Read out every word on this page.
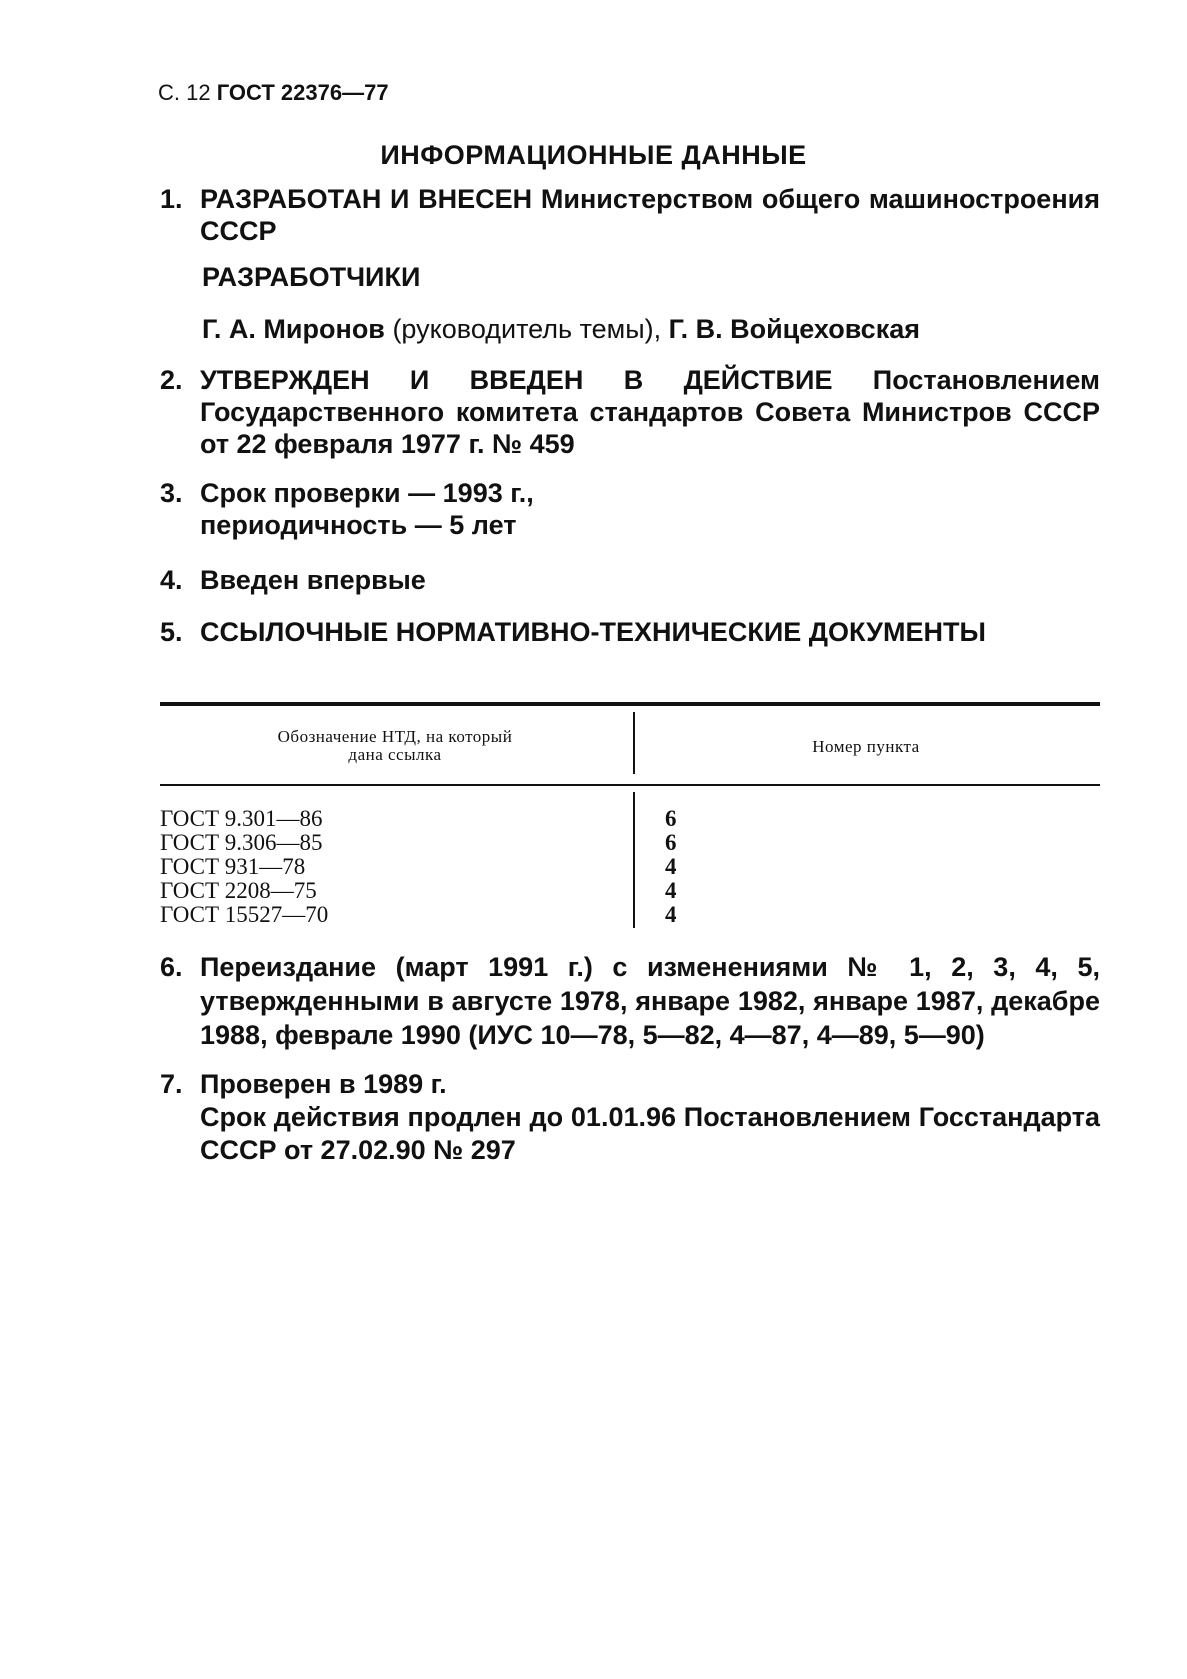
С. 12 ГОСТ 22376—77
ИНФОРМАЦИОННЫЕ ДАННЫЕ
1. РАЗРАБОТАН И ВНЕСЕН Министерством общего машиностроения СССР
РАЗРАБОТЧИКИ
Г. А. Миронов (руководитель темы), Г. В. Войцеховская
2. УТВЕРЖДЕН И ВВЕДЕН В ДЕЙСТВИЕ Постановлением Государственного комитета стандартов Совета Министров СССР от 22 февраля 1977 г. № 459
3. Срок проверки — 1993 г.,
периодичность — 5 лет
4. Введен впервые
5. ССЫЛОЧНЫЕ НОРМАТИВНО-ТЕХНИЧЕСКИЕ ДОКУМЕНТЫ
Обозначение НТД, на который
дана ссылка	Номер пункта
ГОСТ 9.301—86	6
ГОСТ 9.306—85	6
ГОСТ 931—78	4
ГОСТ 2208—75	4
ГОСТ 15527—70	4
6. Переиздание (март 1991 г.) с изменениями № 1, 2, 3, 4, 5, утвержденными в августе 1978, январе 1982, январе 1987, декабре 1988, феврале 1990 (ИУС 10—78, 5—82, 4—87, 4—89, 5—90)
7. Проверен в 1989 г.
Срок действия продлен до 01.01.96 Постановлением Госстандарта СССР от 27.02.90 № 297
